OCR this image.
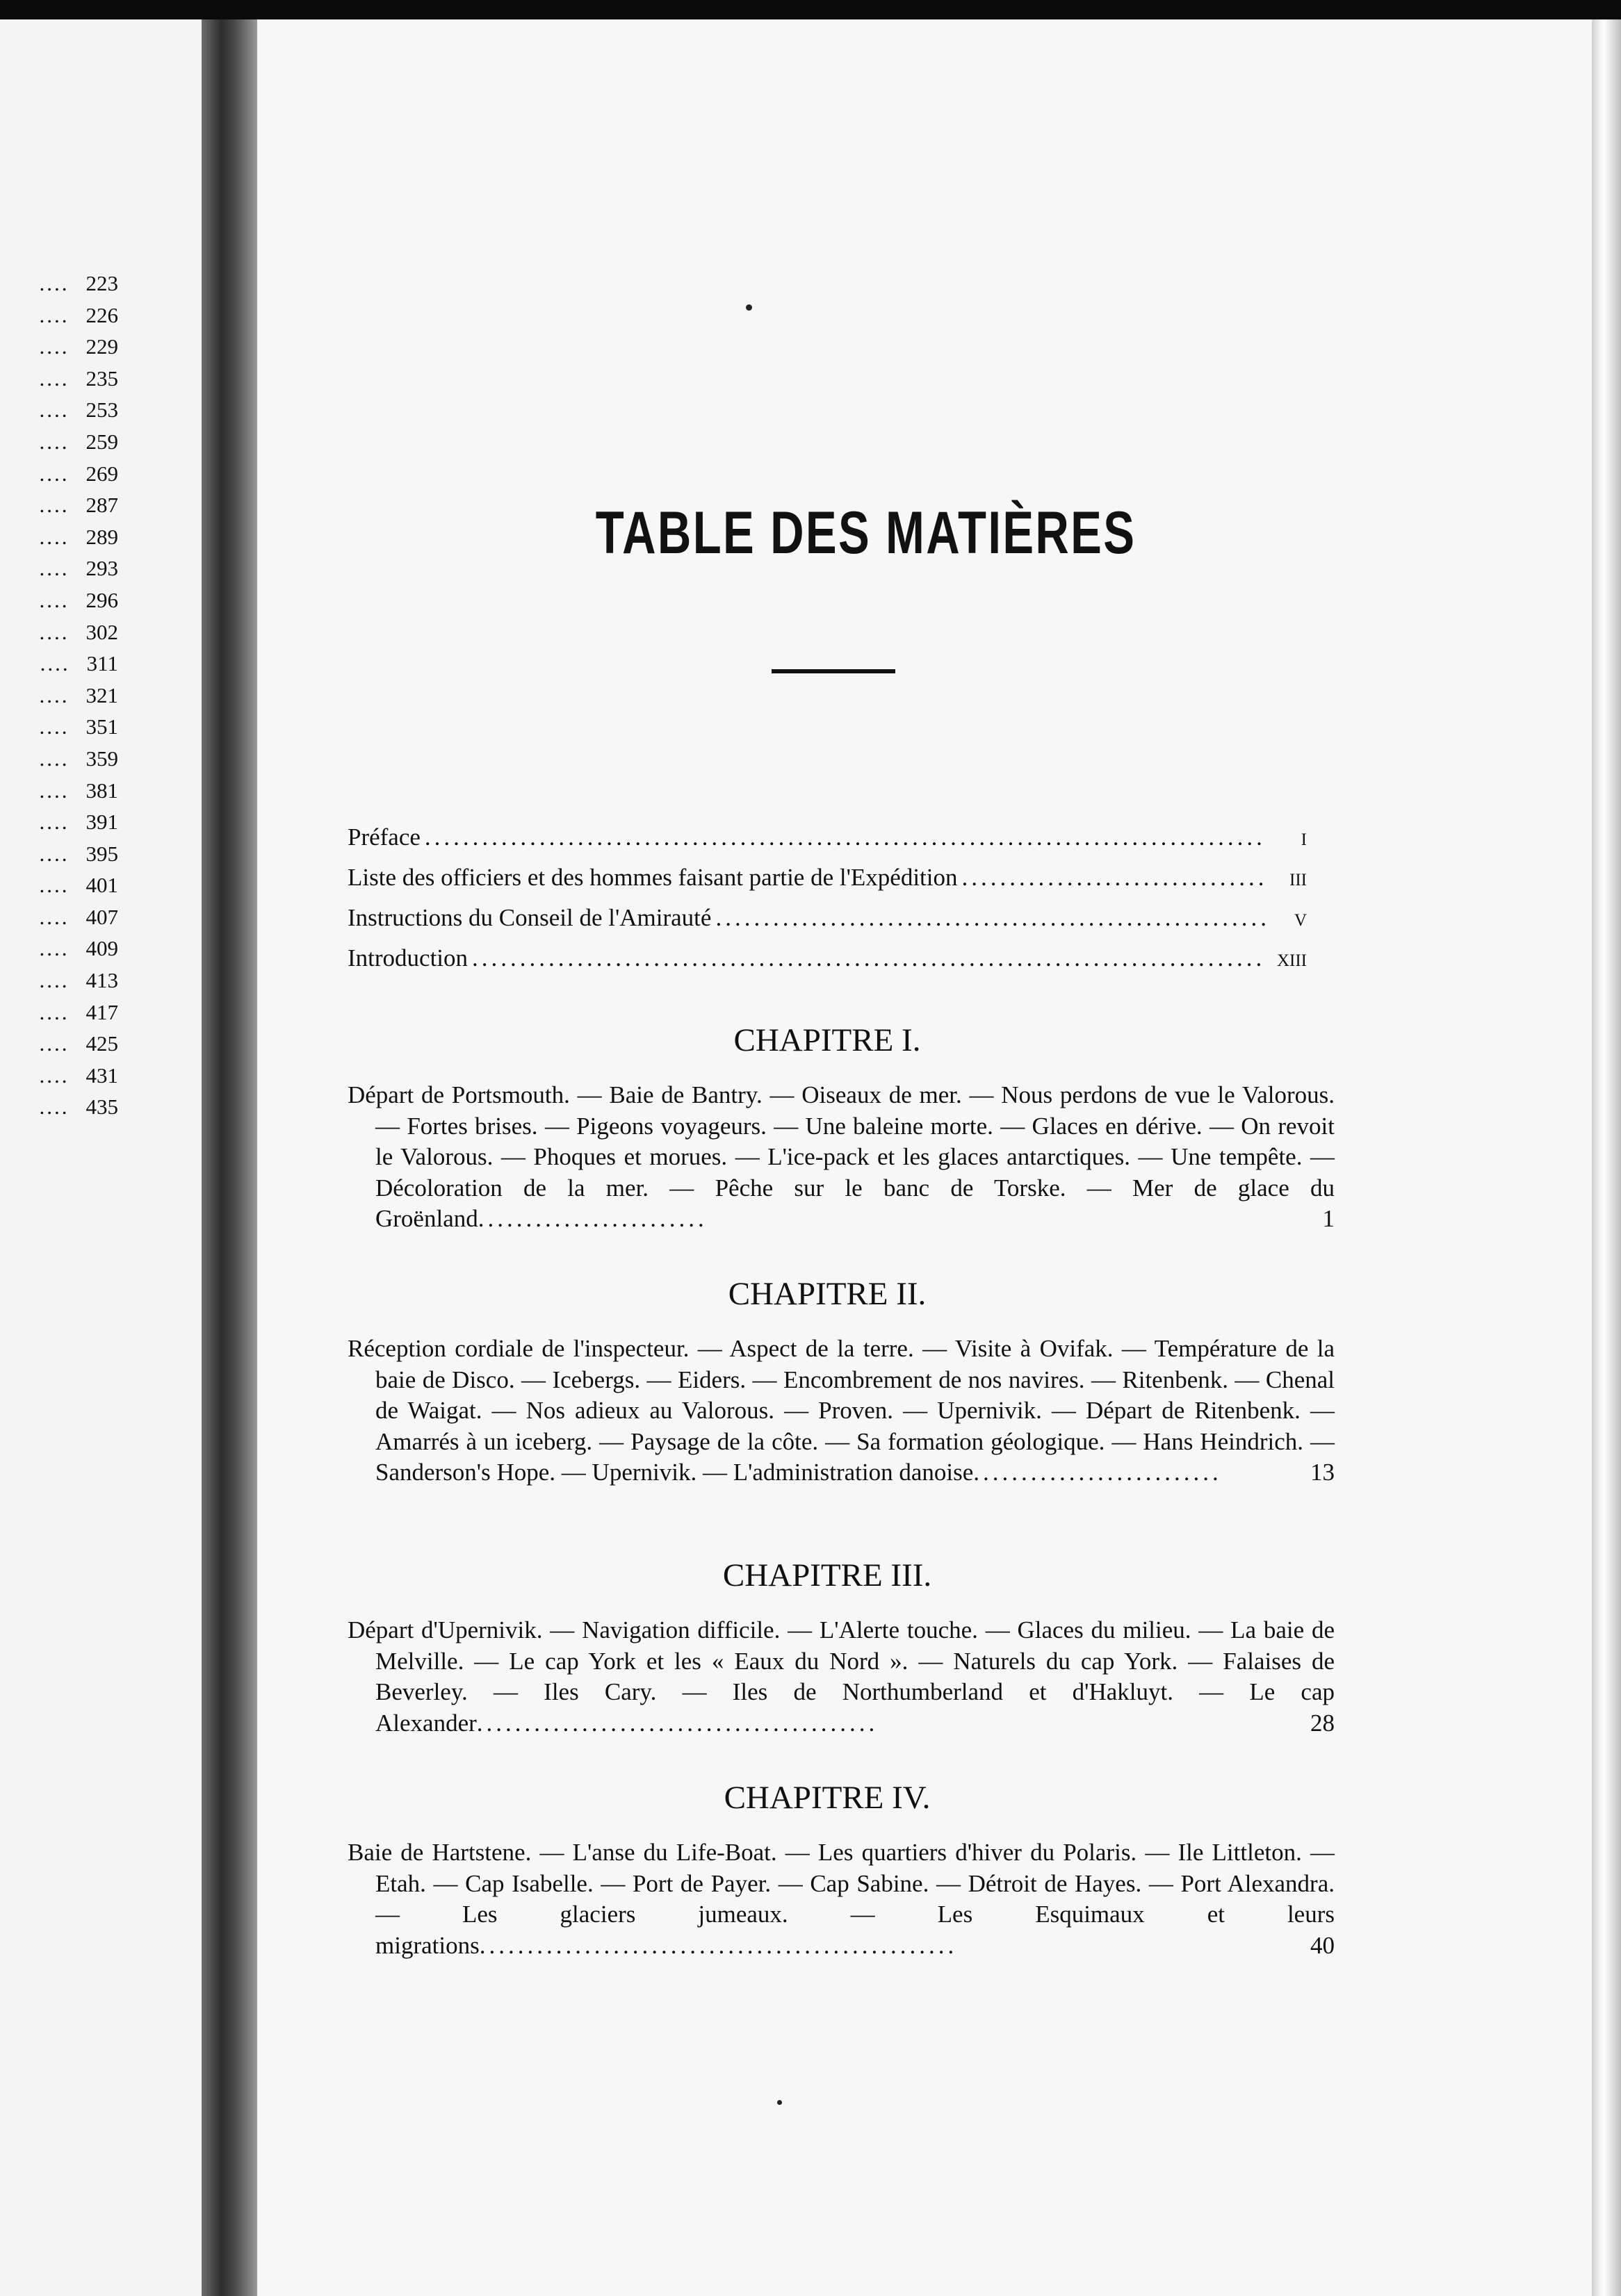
.... 223
.... 226
.... 229
.... 235
.... 253
.... 259
.... 269
.... 287
.... 289
.... 293
.... 296
.... 302
.... 311
.... 321
.... 351
.... 359
.... 381
.... 391
.... 395
.... 401
.... 407
.... 409
.... 413
.... 417
.... 425
.... 431
.... 435
TABLE DES MATIÈRES
Préface .....	i
Liste des officiers et des hommes faisant partie de l'Expédition .....	iii
Instructions du Conseil de l'Amirauté .....	v
Introduction .....	xiii
CHAPITRE I.

Départ de Portsmouth. — Baie de Bantry. — Oiseaux de mer. — Nous perdons de vue le Valorous. — Fortes brises. — Pigeons voyageurs. — Une baleine morte. — Glaces en dérive. — On revoit le Valorous. — Phoques et morues. — L'ice-pack et les glaces antarctiques. — Une tempête. — Décoloration de la mer. — Pêche sur le banc de Torske. — Mer de glace du Groënland........................	1
CHAPITRE II.

Réception cordiale de l'inspecteur. — Aspect de la terre. — Visite à Ovifak. — Température de la baie de Disco. — Icebergs. — Eiders. — Encombrement de nos navires. — Ritenbenk. — Chenal de Waigat. — Nos adieux au Valorous. — Proven. — Upernivik. — Départ de Ritenbenk. — Amarrés à un iceberg. — Paysage de la côte. — Sa formation géologique. — Hans Heindrich. — Sanderson's Hope. — Upernivik. — L'administration danoise..........................	13
CHAPITRE III.

Départ d'Upernivik. — Navigation difficile. — L'Alerte touche. — Glaces du milieu. — La baie de Melville. — Le cap York et les « Eaux du Nord ». — Naturels du cap York. — Falaises de Beverley. — Iles Cary. — Iles de Northumberland et d'Hakluyt. — Le cap Alexander..........................................	28
CHAPITRE IV.

Baie de Hartstene. — L'anse du Life-Boat. — Les quartiers d'hiver du Polaris. — Ile Littleton. — Etah. — Cap Isabelle. — Port de Payer. — Cap Sabine. — Détroit de Hayes. — Port Alexandra. — Les glaciers jumeaux. — Les Esquimaux et leurs migrations..................................................	40
